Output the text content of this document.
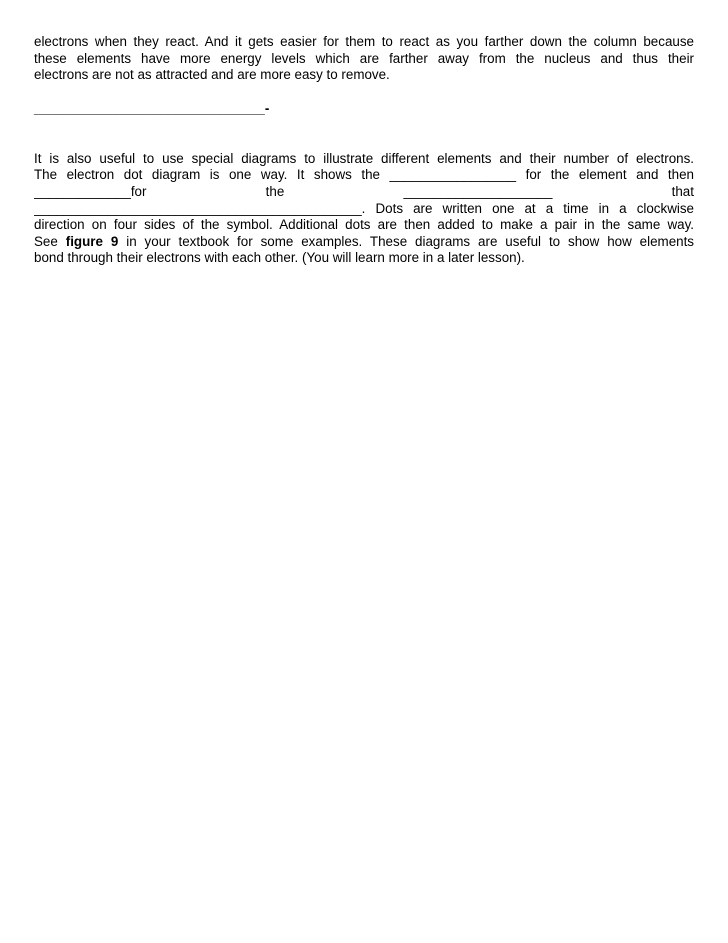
electrons when they react. And it gets easier for them to react as you farther down the column because
these elements have more energy levels which are farther away from the nucleus and thus their
electrons are not as attracted and are more easy to remove.

_______________________________-
It is also useful to use special diagrams to illustrate different elements and their number of electrons.
The electron dot diagram is one way. It shows the _________________ for the element and then
_____________for	the	____________________	that
____________________________________________. Dots are written one at a time in a clockwise
direction on four sides of the symbol. Additional dots are then added to make a pair in the same way.
See figure 9 in your textbook for some examples. These diagrams are useful to show how elements
bond through their electrons with each other. (You will learn more in a later lesson).
